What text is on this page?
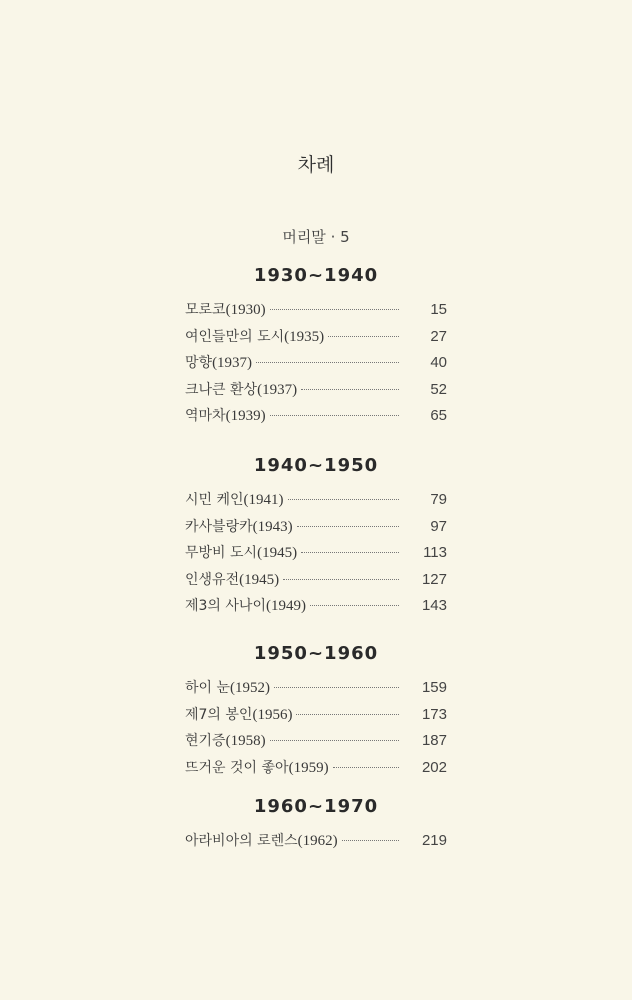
차례
머리말 · 5
1930~1940
모로코 (1930)	15
여인들만의 도시 (1935)	27
망향 (1937)	40
크나큰 환상 (1937)	52
역마차 (1939)	65
1940~1950
시민 케인 (1941)	79
카사블랑카 (1943)	97
무방비 도시 (1945)	113
인생유전 (1945)	127
제3의 사나이 (1949)	143
1950~1960
하이 눈 (1952)	159
제7의 봉인 (1956)	173
현기증 (1958)	187
뜨거운 것이 좋아 (1959)	202
1960~1970
아라비아의 로렌스 (1962)	219
